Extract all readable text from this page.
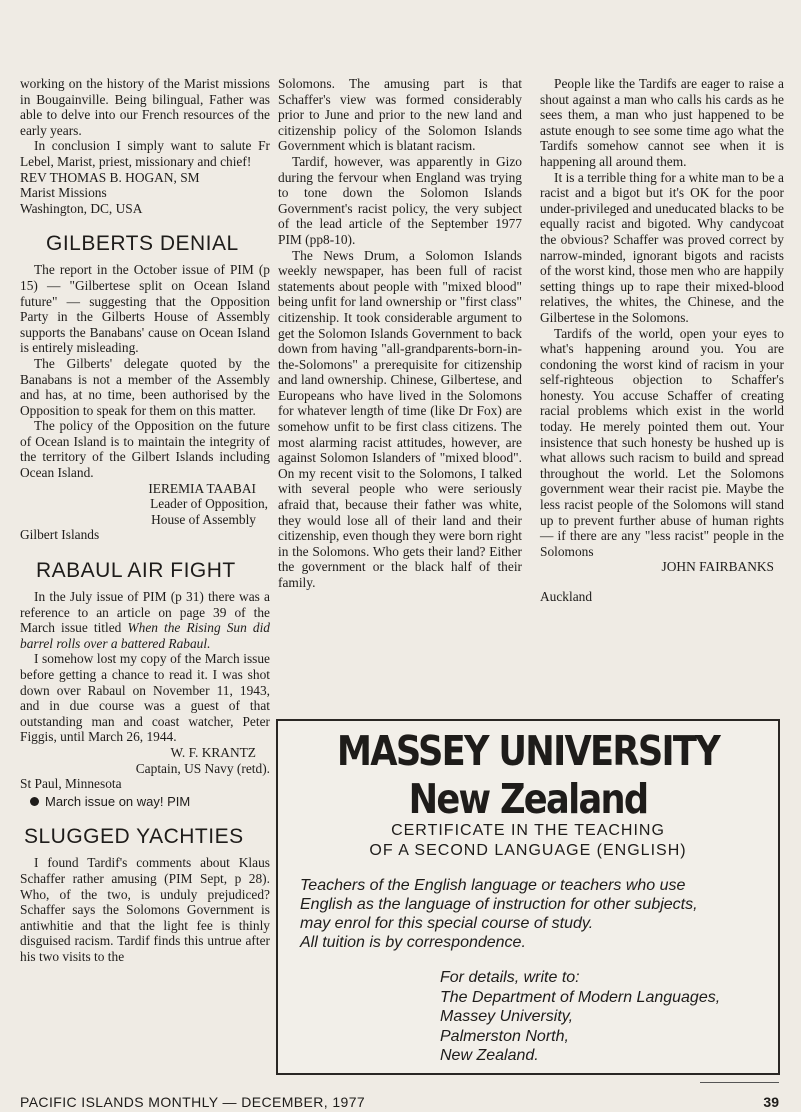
working on the history of the Marist missions in Bougainville. Being bilingual, Father was able to delve into our French resources of the early years.

In conclusion I simply want to salute Fr Lebel, Marist, priest, missionary and chief!

REV THOMAS B. HOGAN, SM

Marist Missions

Washington, DC, USA

GILBERTS DENIAL

The report in the October issue of PIM (p 15) — "Gilbertese split on Ocean Island future" — suggesting that the Opposition Party in the Gilberts House of Assembly supports the Banabans' cause on Ocean Island is entirely misleading.

The Gilberts' delegate quoted by the Banabans is not a member of the Assembly and has, at no time, been authorised by the Opposition to speak for them on this matter.

The policy of the Opposition on the future of Ocean Island is to maintain the integrity of the territory of the Gilbert Islands including Ocean Island.

IEREMIA TAABAI

Leader of Opposition,

House of Assembly

Gilbert Islands

RABAUL AIR FIGHT

In the July issue of PIM (p 31) there was a reference to an article on page 39 of the March issue titled When the Rising Sun did barrel rolls over a battered Rabaul.

I somehow lost my copy of the March issue before getting a chance to read it. I was shot down over Rabaul on November 11, 1943, and in due course was a guest of that outstanding man and coast watcher, Peter Figgis, until March 26, 1944.

W. F. KRANTZ

Captain, US Navy (retd).

St Paul, Minnesota

March issue on way! PIM
SLUGGED YACHTIES

I found Tardif's comments about Klaus Schaffer rather amusing (PIM Sept, p 28). Who, of the two, is unduly prejudiced? Schaffer says the Solomons Government is antiwhitie and that the light fee is thinly disguised racism. Tardif finds this untrue after his two visits to the

Solomons. The amusing part is that Schaffer's view was formed considerably prior to June and prior to the new land and citizenship policy of the Solomon Islands Government which is blatant racism.

Tardif, however, was apparently in Gizo during the fervour when England was trying to tone down the Solomon Islands Government's racist policy, the very subject of the lead article of the September 1977 PIM (pp8-10).

The News Drum, a Solomon Islands weekly newspaper, has been full of racist statements about people with "mixed blood" being unfit for land ownership or "first class" citizenship. It took considerable argument to get the Solomon Islands Government to back down from having "all-grandparents-born-in-the-Solomons" a prerequisite for citizenship and land ownership. Chinese, Gilbertese, and Europeans who have lived in the Solomons for whatever length of time (like Dr Fox) are somehow unfit to be first class citizens. The most alarming racist attitudes, however, are against Solomon Islanders of "mixed blood". On my recent visit to the Solomons, I talked with several people who were seriously afraid that, because their father was white, they would lose all of their land and their citizenship, even though they were born right in the Solomons. Who gets their land? Either the government or the black half of their family.

People like the Tardifs are eager to raise a shout against a man who calls his cards as he sees them, a man who just happened to be astute enough to see some time ago what the Tardifs somehow cannot see when it is happening all around them.

It is a terrible thing for a white man to be a racist and a bigot but it's OK for the poor under-privileged and uneducated blacks to be equally racist and bigoted. Why candycoat the obvious? Schaffer was proved correct by narrow-minded, ignorant bigots and racists of the worst kind, those men who are happily setting things up to rape their mixed-blood relatives, the whites, the Chinese, and the Gilbertese in the Solomons.

Tardifs of the world, open your eyes to what's happening around you. You are condoning the worst kind of racism in your self-righteous objection to Schaffer's honesty. You accuse Schaffer of creating racial problems which exist in the world today. He merely pointed them out. Your insistence that such honesty be hushed up is what allows such racism to build and spread throughout the world. Let the Solomons government wear their racist pie. Maybe the less racist people of the Solomons will stand up to prevent further abuse of human rights — if there are any "less racist" people in the Solomons

JOHN FAIRBANKS

Auckland

MASSEY UNIVERSITY
New Zealand
CERTIFICATE IN THE TEACHING
OF A SECOND LANGUAGE (ENGLISH)
Teachers of the English language or teachers who use
English as the language of instruction for other subjects,
may enrol for this special course of study.
All tuition is by correspondence.
For details, write to:
The Department of Modern Languages,
Massey University,
Palmerston North,
New Zealand.
PACIFIC ISLANDS MONTHLY — DECEMBER, 1977	39
